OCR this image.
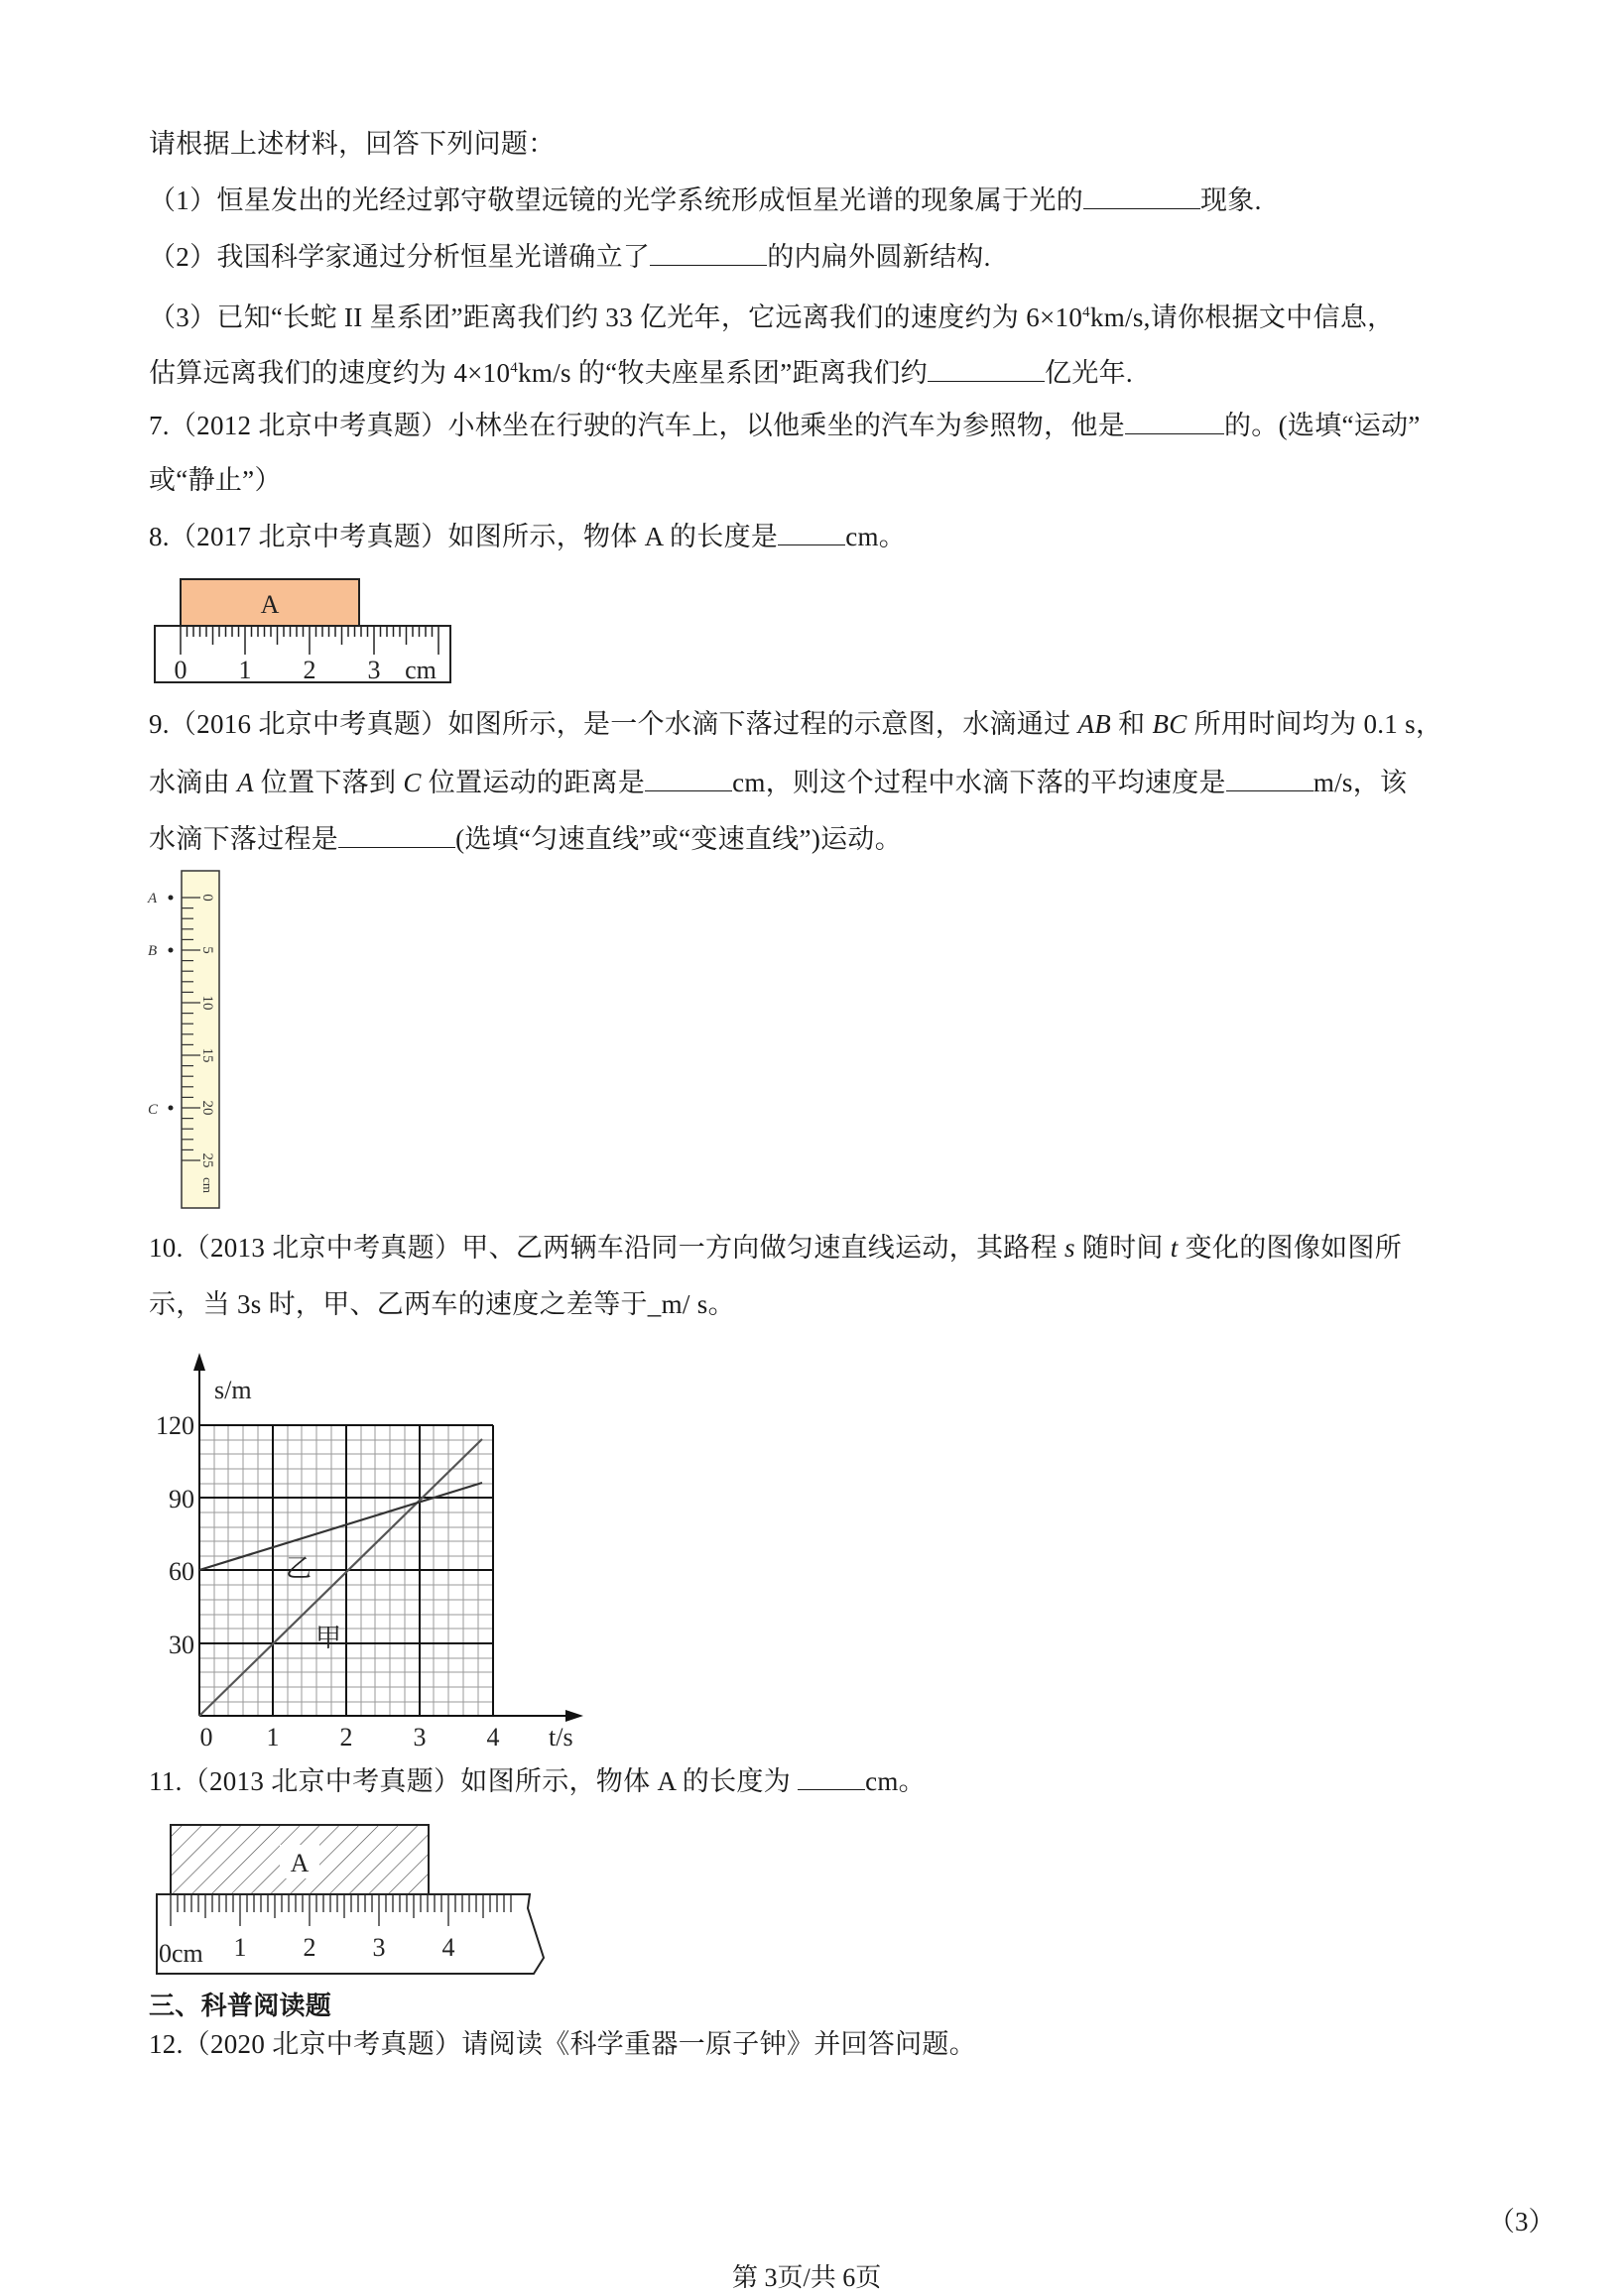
请根据上述材料，回答下列问题：
（1）恒星发出的光经过郭守敬望远镜的光学系统形成恒星光谱的现象属于光的	现象.
（2）我国科学家通过分析恒星光谱确立了	的内扁外圆新结构.
（3）已知“长蛇 II 星系团”距离我们约 33 亿光年，它远离我们的速度约为 $6\times 10^4km/s$,请你根据文中信息，
估算远离我们的速度约为 $4\times 10^4km/s$ 的“牧夫座星系团”距离我们约	亿光年.
7.（2012 北京中考真题）小林坐在行驶的汽车上，以他乘坐的汽车为参照物，他是	的。(选填“运动”
或“静止”）
8.（2017 北京中考真题）如图所示，物体 A 的长度是	cm。
A
0 1 2 3 cm
9.（2016 北京中考真题）如图所示，是一个水滴下落过程的示意图，水滴通过 AB 和 BC 所用时间均为 0.1 s，
水滴由 A 位置下落到 C 位置运动的距离是	cm，则这个过程中水滴下落的平均速度是	m/s，该
水滴下落过程是	(选填“匀速直线”或“变速直线”)运动。
0
5
10
15
20
25
cm
A
B
C
10.（2013 北京中考真题）甲、乙两辆车沿同一方向做匀速直线运动，其路程 s 随时间 t 变化的图像如图所
示，当 3s 时，甲、乙两车的速度之差等于_m/ s。
乙
甲
s/m
120
90
60
30
0 1 2 3 4 t/s
11.（2013 北京中考真题）如图所示，物体 A 的长度为	cm。
A
0cm 1 2 3 4
三、科普阅读题
12.（2020 北京中考真题）请阅读《科学重器一原子钟》并回答问题。
（3）
第 3页/共 6页
